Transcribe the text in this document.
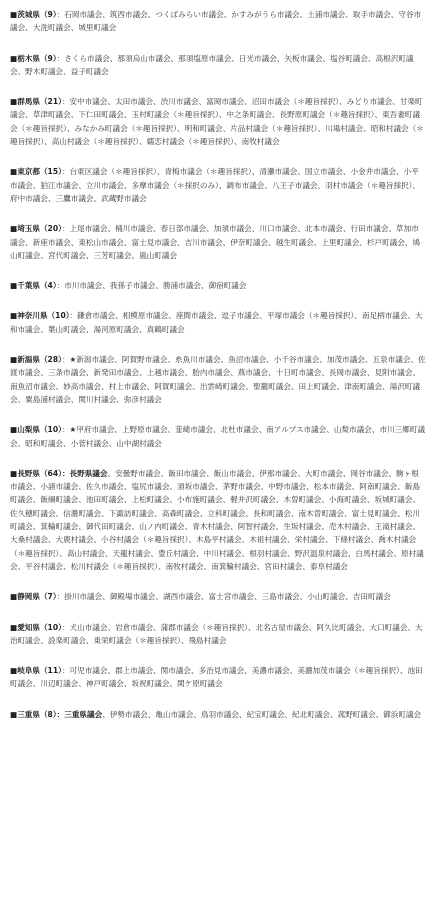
■茨城県（9）：石岡市議会、筑西市議会、つくばみらい市議会、かすみがうら市議会、土浦市議会、取手市議会、守谷市議会、大洗町議会、城里町議会

■栃木県（9）：さくら市議会、那須烏山市議会、那須塩原市議会、日光市議会、矢板市議会、塩谷町議会、高根沢町議会、野木町議会、益子町議会

■群馬県（21）：安中市議会、太田市議会、渋川市議会、富岡市議会、沼田市議会（＊趣旨採択）、みどり市議会、甘楽町議会、草津町議会、下仁田町議会、玉村町議会（＊趣旨採択）、中之条町議会、長野原町議会（＊趣旨採択）、東吾妻町議会（＊趣旨採択）、みなかみ町議会（＊趣旨採択）、明和町議会、片品村議会（＊趣旨採択）、川場村議会、昭和村議会（＊趣旨採択）、高山村議会（＊趣旨採択）、嬬恋村議会（＊趣旨採択）、南牧村議会

■東京都（15）：台東区議会（＊趣旨採択）、青梅市議会（＊趣旨採択）、清瀬市議会、国立市議会、小金井市議会、小平市議会、狛江市議会、立川市議会、多摩市議会（＊採択のみ）、調布市議会、八王子市議会、羽村市議会（＊趣旨採択）、府中市議会、三鷹市議会、武蔵野市議会

■埼玉県（20）：上尾市議会、桶川市議会、春日部市議会、加須市議会、川口市議会、北本市議会、行田市議会、草加市議会、新座市議会、東松山市議会、富士見市議会、吉川市議会、伊奈町議会、越生町議会、上里町議会、杉戸町議会、鳩山町議会、宮代町議会、三芳町議会、嵐山町議会

■千葉県（4）：市川市議会、我孫子市議会、勝浦市議会、御宿町議会

■神奈川県（10）：鎌倉市議会、相模原市議会、座間市議会、逗子市議会、平塚市議会（＊趣旨採択）、南足柄市議会、大和市議会、葉山町議会、湯河原町議会、真鶴町議会

■新潟県（28）：★新潟市議会、阿賀野市議会、糸魚川市議会、魚沼市議会、小千谷市議会、加茂市議会、五泉市議会、佐渡市議会、三条市議会、新発田市議会、上越市議会、胎内市議会、燕市議会、十日町市議会、長岡市議会、見附市議会、南魚沼市議会、妙高市議会、村上市議会、阿賀町議会、出雲崎町議会、聖籠町議会、田上町議会、津南町議会、湯沢町議会、粟島浦村議会、関川村議会、弥彦村議会

■山梨県（10）：★甲府市議会、上野原市議会、韮崎市議会、北杜市議会、南アルプス市議会、山梨市議会、市川三郷町議会、昭和町議会、小菅村議会、山中湖村議会

■長野県（64）：長野県議会、安曇野市議会、飯田市議会、飯山市議会、伊那市議会、大町市議会、岡谷市議会、駒ヶ根市議会、小諸市議会、佐久市議会、塩尻市議会、須坂市議会、茅野市議会、中野市議会、松本市議会、阿南町議会、飯島町議会、飯綱町議会、池田町議会、上松町議会、小布施町議会、軽井沢町議会、木曽町議会、小海町議会、坂城町議会、佐久穂町議会、信濃町議会、下諏訪町議会、高森町議会、立科町議会、長和町議会、南木曽町議会、富士見町議会、松川町議会、箕輪町議会、御代田町議会、山ノ内町議会、青木村議会、阿智村議会、生坂村議会、売木村議会、王滝村議会、大桑村議会、大鹿村議会、小谷村議会（＊趣旨採択）、木島平村議会、木祖村議会、栄村議会、下條村議会、喬木村議会（＊趣旨採択）、高山村議会、天龍村議会、豊丘村議会、中川村議会、根羽村議会、野沢温泉村議会、白馬村議会、原村議会、平谷村議会、松川村議会（＊趣旨採択）、南牧村議会、南箕輪村議会、宮田村議会、泰阜村議会

■静岡県（7）：掛川市議会、御殿場市議会、湖西市議会、富士宮市議会、三島市議会、小山町議会、吉田町議会

■愛知県（10）：犬山市議会、岩倉市議会、蒲郡市議会（＊趣旨採択）、北名古屋市議会、阿久比町議会、大口町議会、大治町議会、設楽町議会、東栄町議会（＊趣旨採択）、飛島村議会

■岐阜県（11）：可児市議会、郡上市議会、関市議会、多治見市議会、美濃市議会、美濃加茂市議会（＊趣旨採択）、池田町議会、川辺町議会、神戸町議会、坂祝町議会、関ケ原町議会

■三重県（8）：三重県議会、伊勢市議会、亀山市議会、鳥羽市議会、紀宝町議会、紀北町議会、菰野町議会、御浜町議会
